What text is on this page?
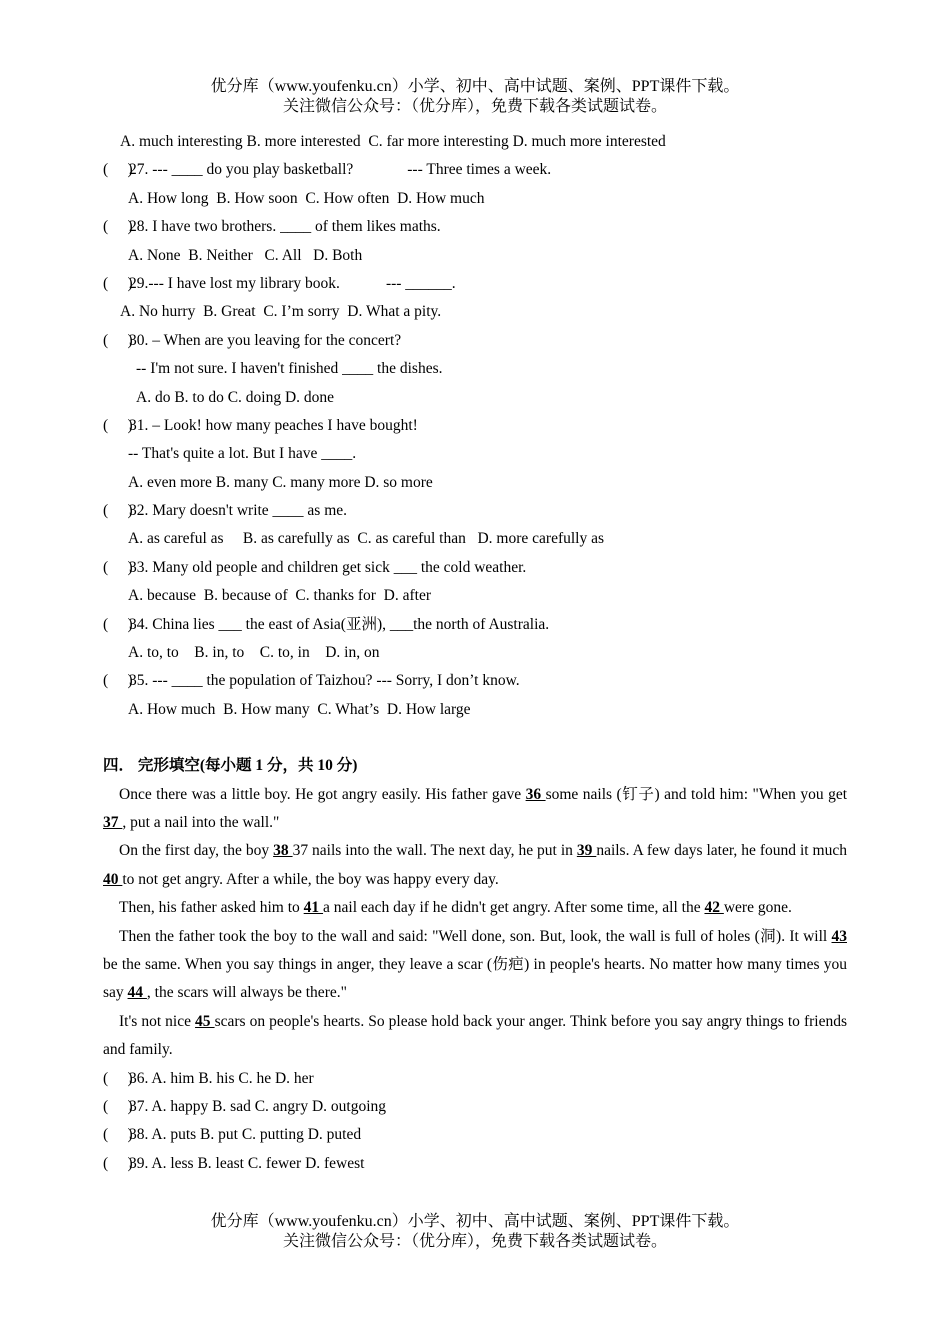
优分库（www.youfenku.cn）小学、初中、高中试题、案例、PPT课件下载。
关注微信公众号：（优分库），免费下载各类试题试卷。
A. much interesting B. more interested  C. far more interesting D. much more interested
(     )27. --- ____ do you play basketball?	--- Three times a week.
A. How long  B. How soon  C. How often  D. How much
(     )28. I have two brothers. ____ of them likes maths.
A. None  B. Neither   C. All   D. Both
(     )29.--- I have lost my library book.	--- ______.
A. No hurry  B. Great  C. I’m sorry  D. What a pity.
(     )30. – When are you leaving for the concert?
-- I'm not sure. I haven't finished ____ the dishes.
A. do B. to do C. doing D. done
(     )31. – Look! how many peaches I have bought!
-- That's quite a lot. But I have ____.
A. even more B. many C. many more D. so more
(     )32. Mary doesn't write ____ as me.
A. as careful as     B. as carefully as  C. as careful than   D. more carefully as
(     )33. Many old people and children get sick ___ the cold weather.
A. because  B. because of  C. thanks for  D. after
(     )34. China lies ___ the east of Asia(亚洲), ___the north of Australia.
A. to, to    B. in, to    C. to, in    D. in, on
(     )35. --- ____ the population of Taizhou? --- Sorry, I don’t know.
A. How much  B. How many  C. What’s  D. How large
四． 完形填空(每小题 1 分，共 10 分)

Once there was a little boy. He got angry easily. His father gave 36 some nails (钉子) and told him: "When you get 37 , put a nail into the wall."

On the first day, the boy 38 37 nails into the wall. The next day, he put in 39 nails. A few days later, he found it much 40 to not get angry. After a while, the boy was happy every day.

Then, his father asked him to 41 a nail each day if he didn't get angry. After some time, all the 42 were gone.

Then the father took the boy to the wall and said: "Well done, son. But, look, the wall is full of holes (洞). It will 43 be the same. When you say things in anger, they leave a scar (伤疤) in people's hearts. No matter how many times you say 44 , the scars will always be there."

It's not nice 45 scars on people's hearts. So please hold back your anger. Think before you say angry things to friends and family.

(     )36. A. him B. his C. he D. her
(     )37. A. happy B. sad C. angry D. outgoing
(     )38. A. puts B. put C. putting D. puted
(     )39. A. less B. least C. fewer D. fewest
优分库（www.youfenku.cn）小学、初中、高中试题、案例、PPT课件下载。
关注微信公众号：（优分库），免费下载各类试题试卷。
